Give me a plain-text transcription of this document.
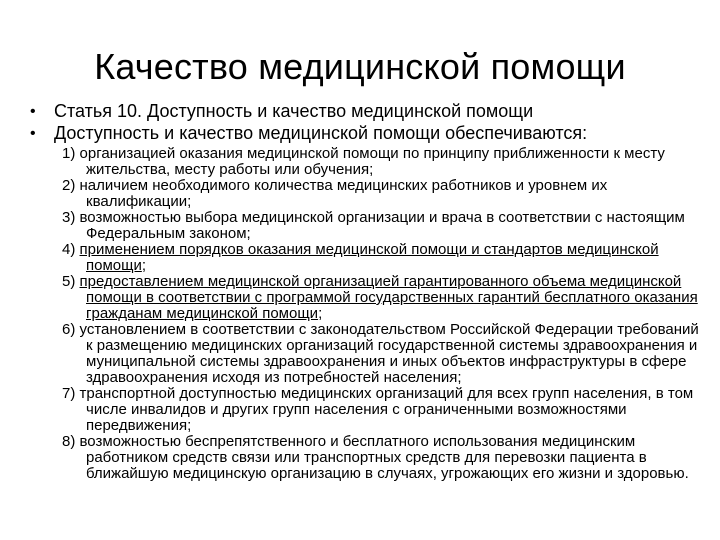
Качество медицинской помощи
• Статья 10. Доступность и качество медицинской помощи
• Доступность и качество медицинской помощи обеспечиваются:
1) организацией оказания медицинской помощи по принципу приближенности к месту жительства, месту работы или обучения;
2) наличием необходимого количества медицинских работников и уровнем их квалификации;
3) возможностью выбора медицинской организации и врача в соответствии с настоящим Федеральным законом;
4) применением порядков оказания медицинской помощи и стандартов медицинской помощи;
5) предоставлением медицинской организацией гарантированного объема медицинской помощи в соответствии с программой государственных гарантий бесплатного оказания гражданам медицинской помощи;
6) установлением в соответствии с законодательством Российской Федерации требований к размещению медицинских организаций государственной системы здравоохранения и муниципальной системы здравоохранения и иных объектов инфраструктуры в сфере здравоохранения исходя из потребностей населения;
7) транспортной доступностью медицинских организаций для всех групп населения, в том числе инвалидов и других групп населения с ограниченными возможностями передвижения;
8) возможностью беспрепятственного и бесплатного использования медицинским работником средств связи или транспортных средств для перевозки пациента в ближайшую медицинскую организацию в случаях, угрожающих его жизни и здоровью.
